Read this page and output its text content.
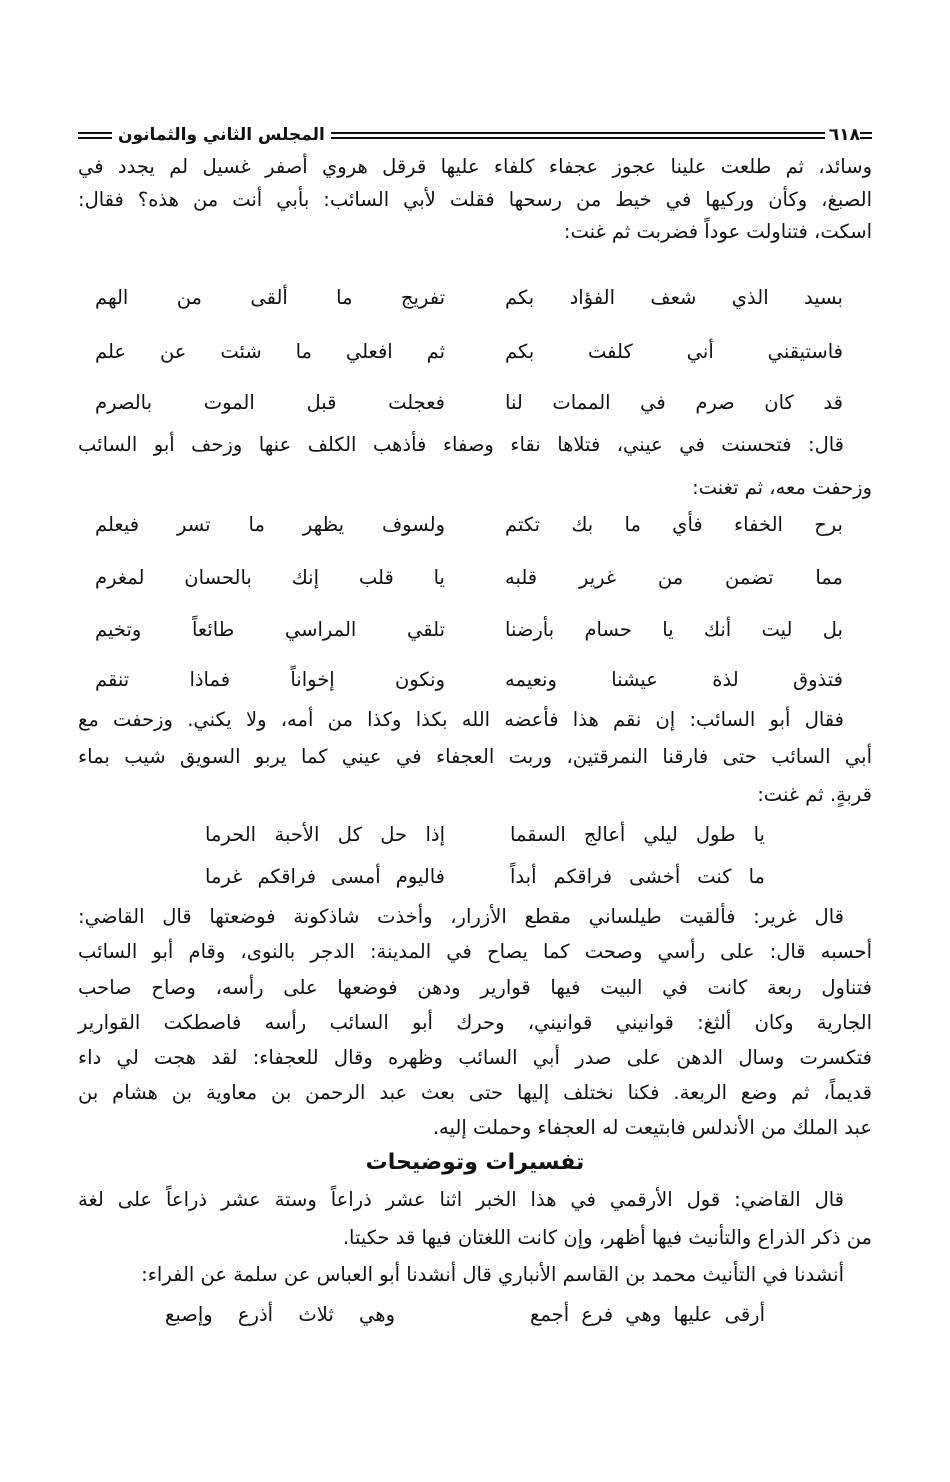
٦١٨
المجلس الثاني والثمانون
وسائد، ثم طلعت علينا عجوز عجفاء كلفاء عليها قرقل هروي أصفر غسيل لم يجدد في
الصبغ، وكأن وركيها في خيط من رسحها فقلت لأبي السائب: بأبي أنت من هذه؟ فقال:
اسكت، فتناولت عوداً فضربت ثم غنت:
بسيد الذي شعف الفؤاد بكم
تفريج ما ألقى من الهم
فاستيقني أني كلفت بكم
ثم افعلي ما شئت عن علم
قد كان صرم في الممات لنا
فعجلت قبل الموت بالصرم
قال: فتحسنت في عيني، فتلاها نقاء وصفاء فأذهب الكلف عنها وزحف أبو السائب
وزحفت معه، ثم تغنت:
برح الخفاء فأي ما بك تكتم
ولسوف يظهر ما تسر فيعلم
مما تضمن من غرير قلبه
يا قلب إنك بالحسان لمغرم
بل ليت أنك يا حسام بأرضنا
تلقي المراسي طائعاً وتخيم
فتذوق لذة عيشنا ونعيمه
ونكون إخواناً فماذا تنقم
فقال أبو السائب: إن نقم هذا فأعضه الله بكذا وكذا من أمه، ولا يكني. وزحفت مع
أبي السائب حتى فارقنا النمرقتين، وربت العجفاء في عيني كما يربو السويق شيب بماء
قربةٍ. ثم غنت:
يا طول ليلي أعالج السقما
إذا حل كل الأحبة الحرما
ما كنت أخشى فراقكم أبداً
فاليوم أمسى فراقكم غرما
قال غرير: فألقيت طيلساني مقطع الأزرار، وأخذت شاذكونة فوضعتها قال القاضي:
أحسبه قال: على رأسي وصحت كما يصاح في المدينة: الدجر بالنوى، وقام أبو السائب
فتناول ربعة كانت في البيت فيها قوارير ودهن فوضعها على رأسه، وصاح صاحب
الجارية وكان ألثغ: قوانيني قوانيني، وحرك أبو السائب رأسه فاصطكت القوارير
فتكسرت وسال الدهن على صدر أبي السائب وظهره وقال للعجفاء: لقد هجت لي داء
قديماً، ثم وضع الربعة. فكنا نختلف إليها حتى بعث عبد الرحمن بن معاوية بن هشام بن
عبد الملك من الأندلس فابتيعت له العجفاء وحملت إليه.
تفسيرات وتوضيحات
قال القاضي: قول الأرقمي في هذا الخبر اثنا عشر ذراعاً وستة عشر ذراعاً على لغة
من ذكر الذراع والتأنيث فيها أظهر، وإن كانت اللغتان فيها قد حكيتا.
أنشدنا في التأنيث محمد بن القاسم الأنباري قال أنشدنا أبو العباس عن سلمة عن الفراء:
أرقى عليها وهي فرع أجمع
وهي ثلاث أذرع وإصبع
